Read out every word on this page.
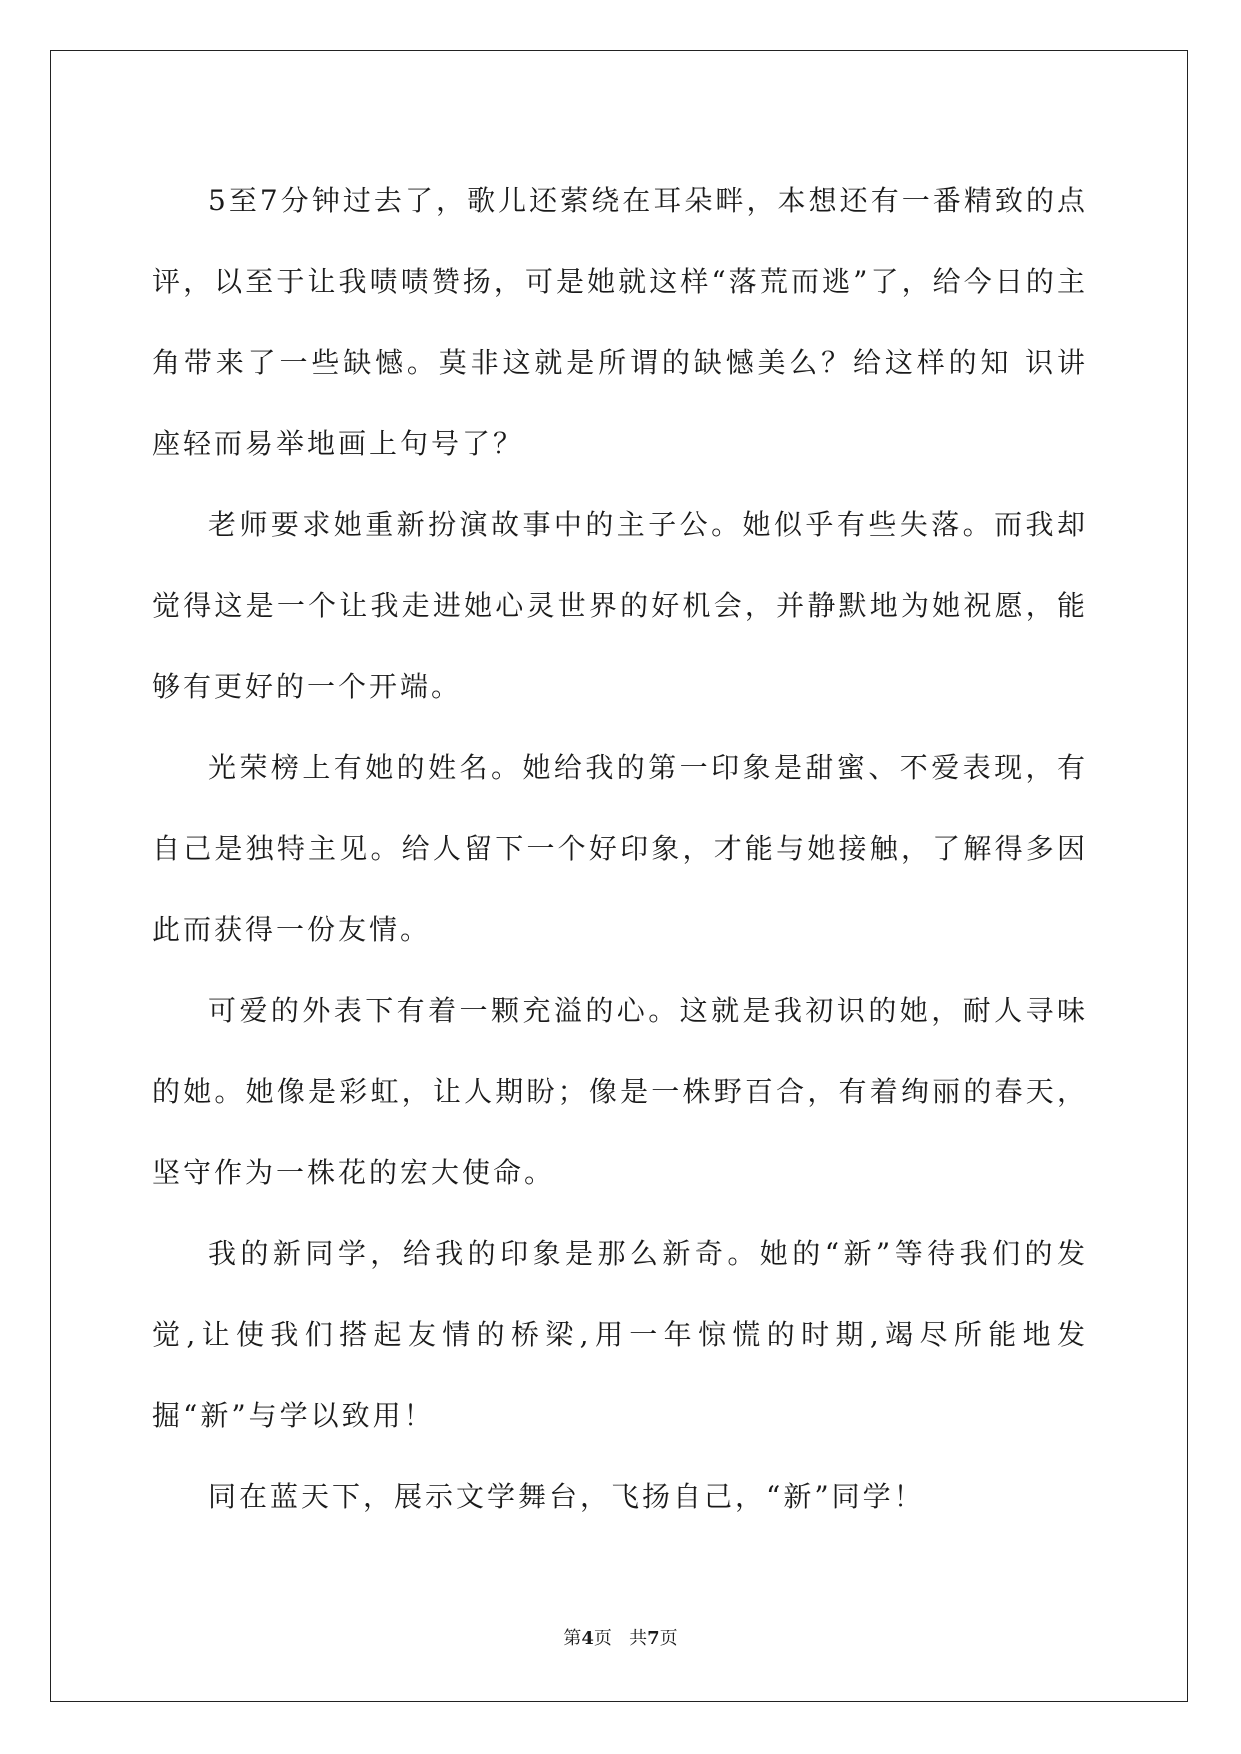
5至7分钟过去了，歌儿还萦绕在耳朵畔，本想还有一番精致的点评，以至于让我啧啧赞扬，可是她就这样“落荒而逃”了，给今日的主角带来了一些缺憾。莫非这就是所谓的缺憾美么？给这样的知 识讲座轻而易举地画上句号了？

老师要求她重新扮演故事中的主子公。她似乎有些失落。而我却觉得这是一个让我走进她心灵世界的好机会，并静默地为她祝愿，能够有更好的一个开端。

光荣榜上有她的姓名。她给我的第一印象是甜蜜、不爱表现，有自己是独特主见。给人留下一个好印象，才能与她接触，了解得多因此而获得一份友情。

可爱的外表下有着一颗充溢的心。这就是我初识的她，耐人寻味的她。她像是彩虹，让人期盼；像是一株野百合，有着绚丽的春天，坚守作为一株花的宏大使命。

我的新同学，给我的印象是那么新奇。她的“新”等待我们的发觉,让使我们搭起友情的桥梁,用一年惊慌的时期,竭尽所能地发掘“新”与学以致用！

同在蓝天下，展示文学舞台，飞扬自己，“新”同学！

第4页 共7页
